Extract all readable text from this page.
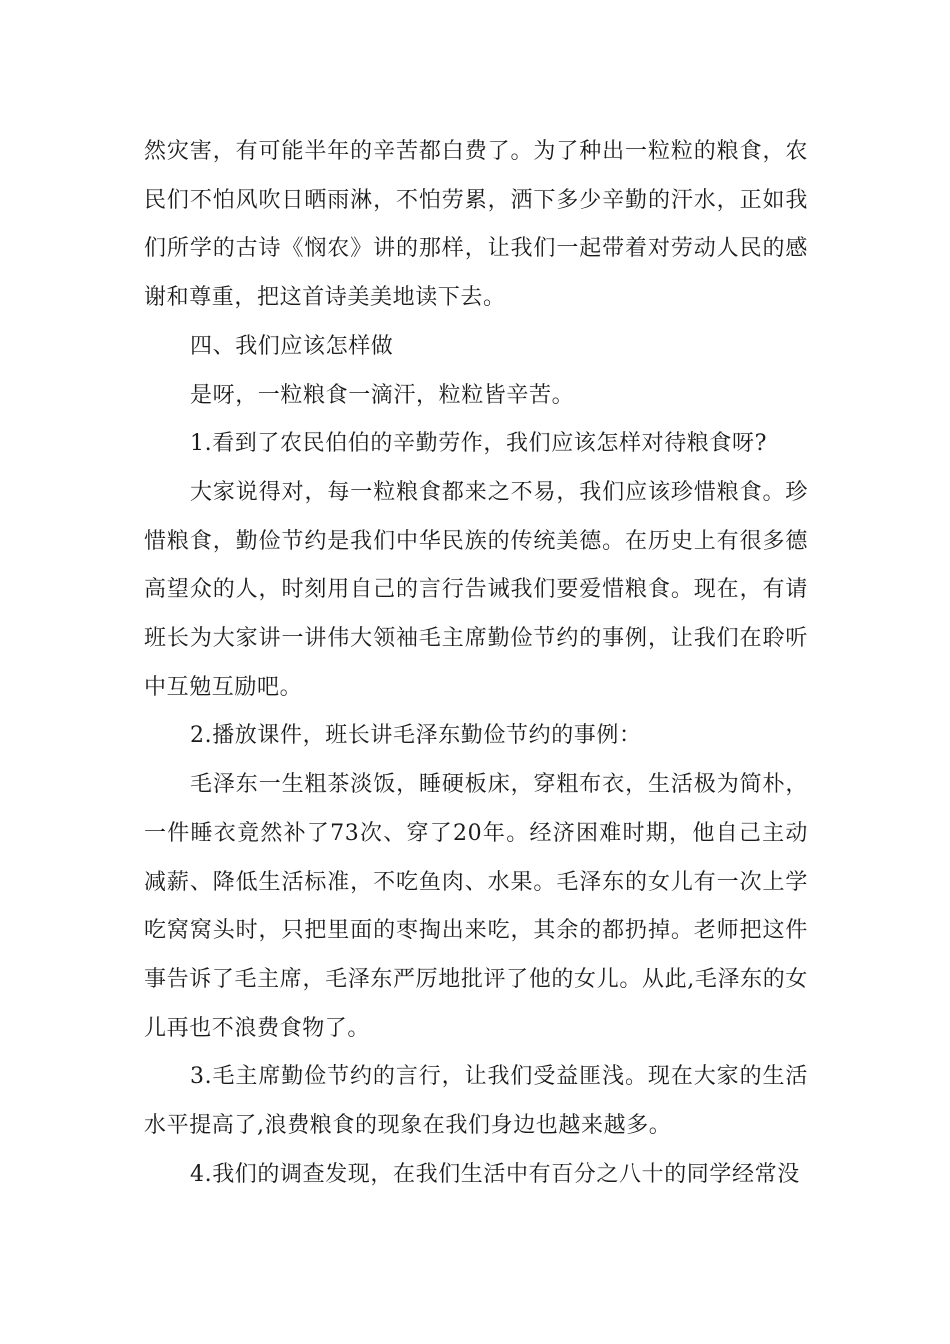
然灾害，有可能半年的辛苦都白费了。为了种出一粒粒的粮食，农民们不怕风吹日晒雨淋，不怕劳累，洒下多少辛勤的汗水，正如我们所学的古诗《悯农》讲的那样，让我们一起带着对劳动人民的感谢和尊重，把这首诗美美地读下去。

四、我们应该怎样做

是呀，一粒粮食一滴汗，粒粒皆辛苦。

1.看到了农民伯伯的辛勤劳作，我们应该怎样对待粮食呀?

大家说得对，每一粒粮食都来之不易，我们应该珍惜粮食。珍惜粮食，勤俭节约是我们中华民族的传统美德。在历史上有很多德高望众的人，时刻用自己的言行告诫我们要爱惜粮食。现在，有请班长为大家讲一讲伟大领袖毛主席勤俭节约的事例，让我们在聆听中互勉互励吧。

2.播放课件，班长讲毛泽东勤俭节约的事例：

毛泽东一生粗茶淡饭，睡硬板床，穿粗布衣，生活极为简朴，一件睡衣竟然补了73次、穿了20年。经济困难时期，他自己主动减薪、降低生活标准，不吃鱼肉、水果。毛泽东的女儿有一次上学吃窝窝头时，只把里面的枣掏出来吃，其余的都扔掉。老师把这件事告诉了毛主席，毛泽东严厉地批评了他的女儿。从此,毛泽东的女儿再也不浪费食物了。

3.毛主席勤俭节约的言行，让我们受益匪浅。现在大家的生活水平提高了,浪费粮食的现象在我们身边也越来越多。

4.我们的调查发现，在我们生活中有百分之八十的同学经常没
